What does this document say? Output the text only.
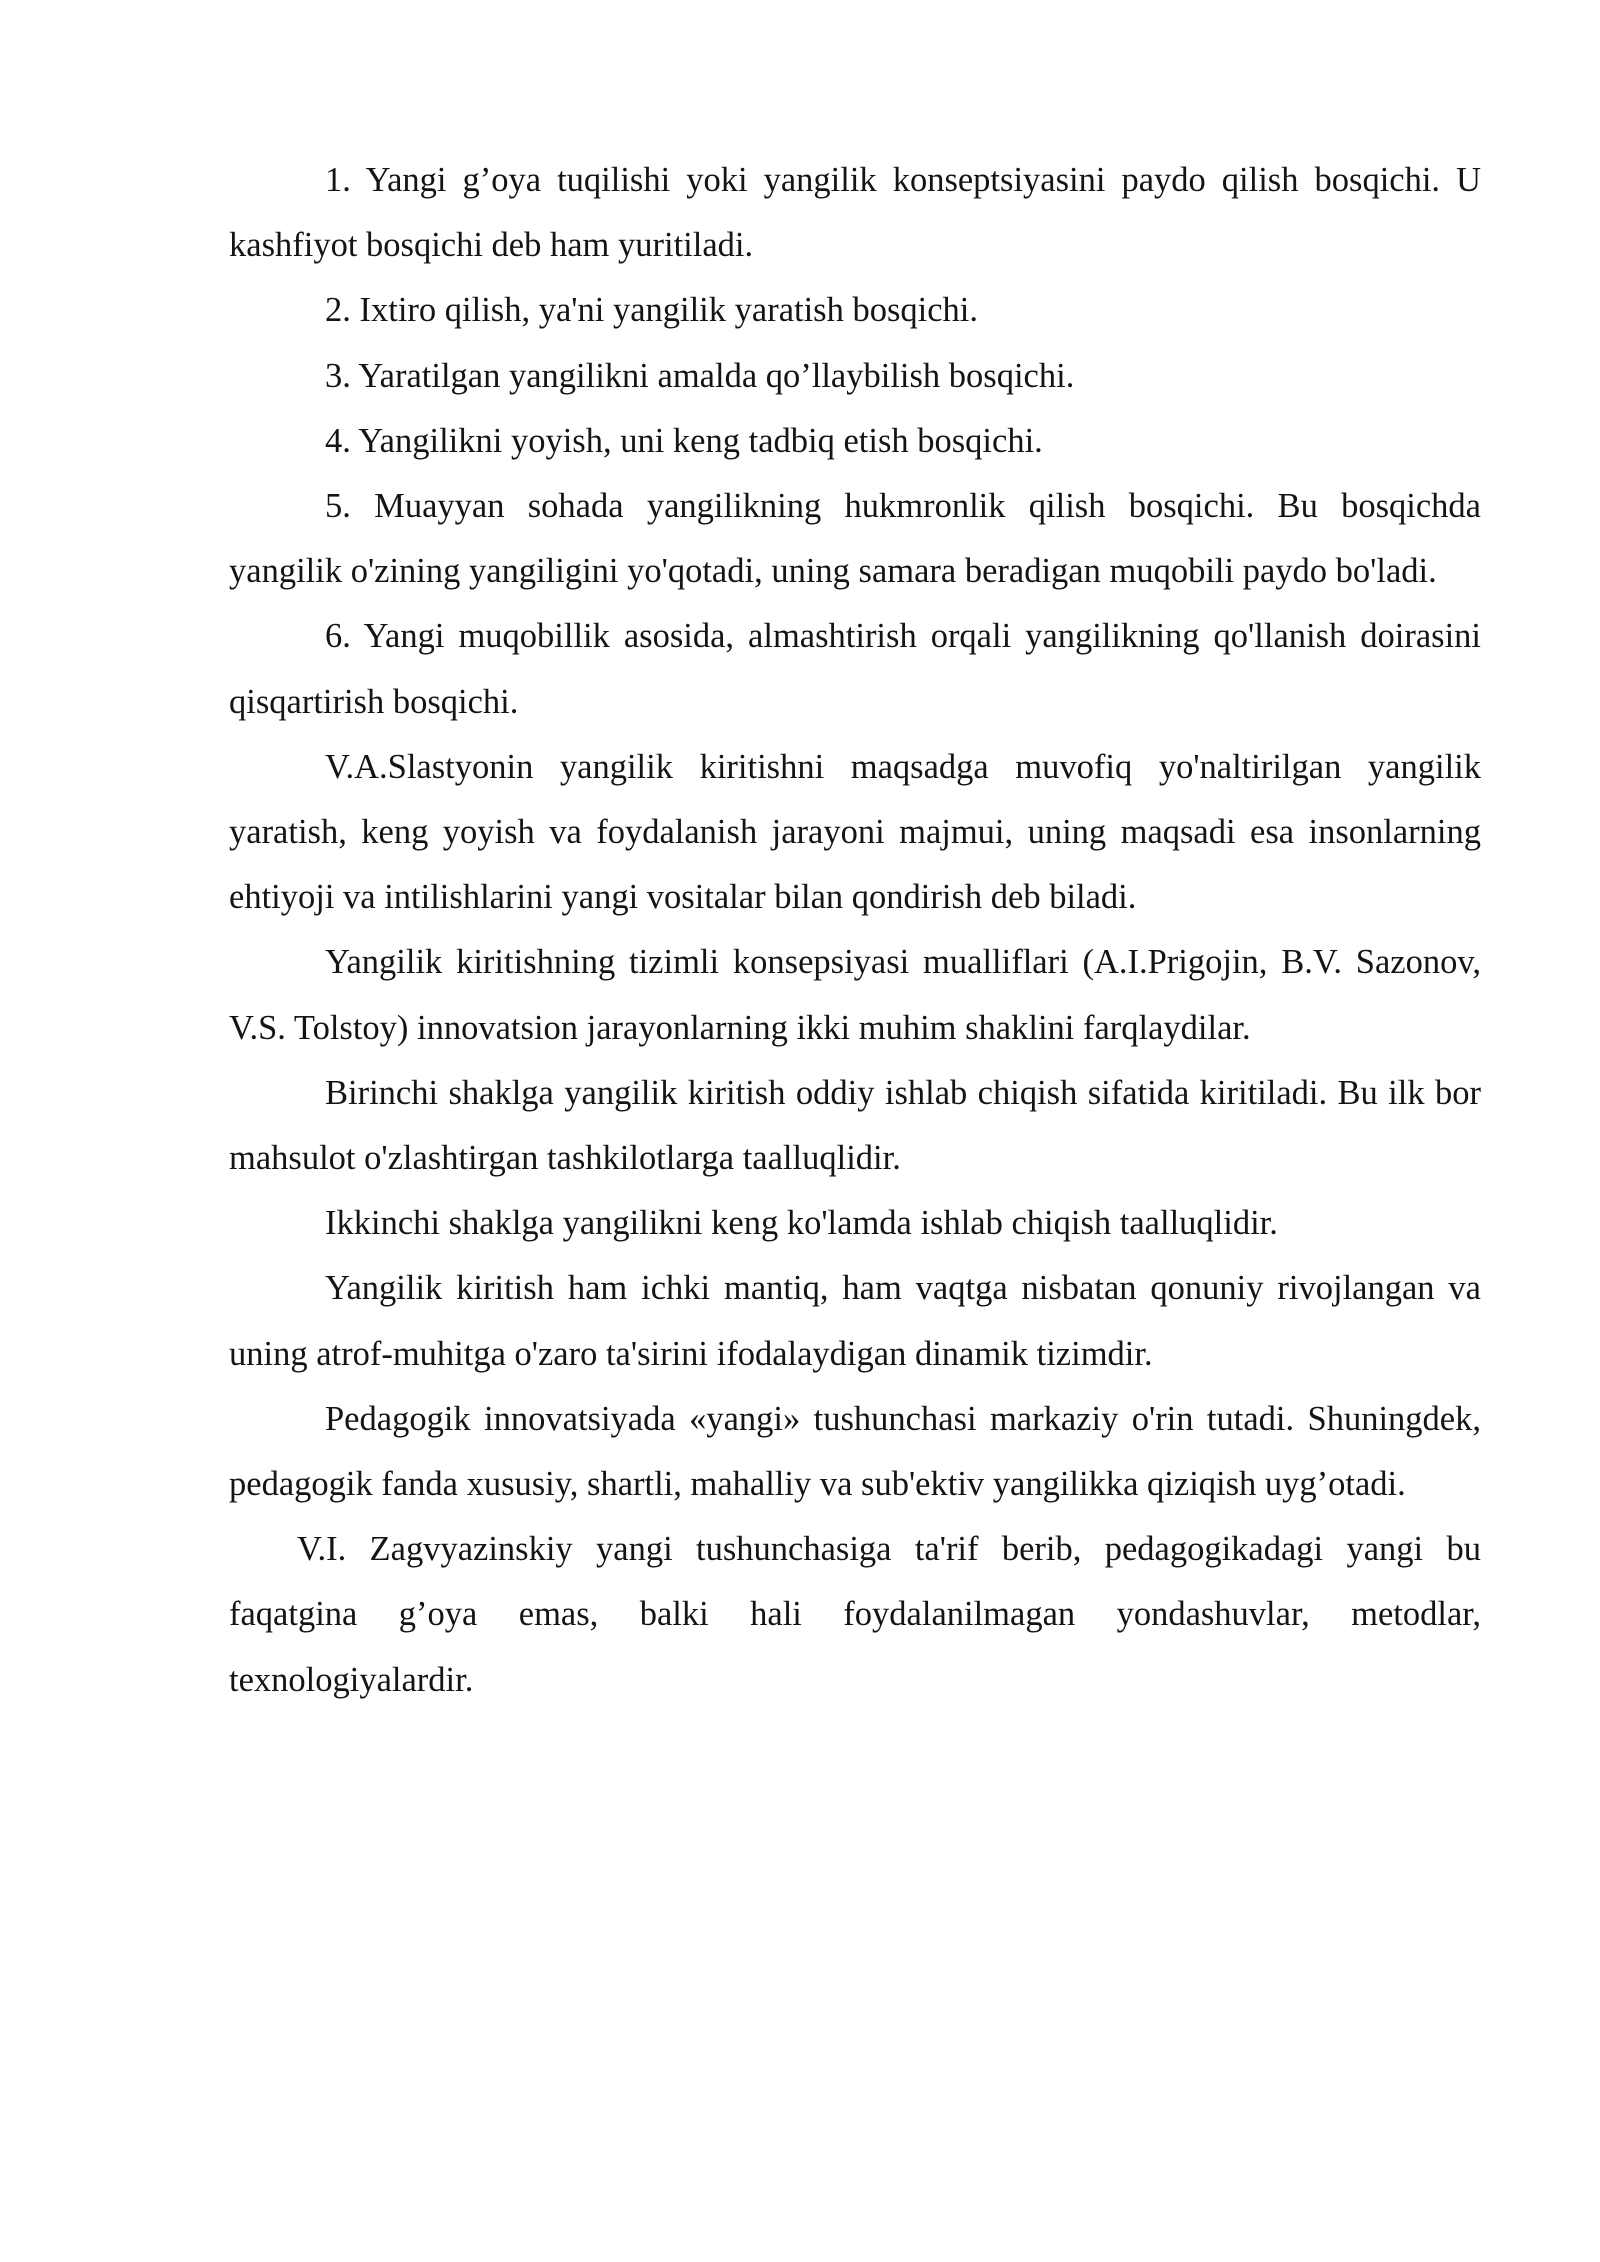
1. Yangi g’oya tuqilishi yoki yangilik konseptsiyasini paydo qilish bosqichi. U kashfiyot bosqichi deb ham yuritiladi.

2. Ixtiro qilish, ya'ni yangilik yaratish bosqichi.

3. Yaratilgan yangilikni amalda qo’llaybilish bosqichi.

4. Yangilikni yoyish, uni keng tadbiq etish bosqichi.

5. Muayyan sohada yangilikning hukmronlik qilish bosqichi. Bu bosqichda yangilik o'zining yangiligini yo'qotadi, uning samara beradigan muqobili paydo bo'ladi.

6. Yangi muqobillik asosida, almashtirish orqali yangilikning qo'llanish doirasini qisqartirish bosqichi.

V.A.Slastyonin yangilik kiritishni maqsadga muvofiq yo'naltirilgan yangilik yaratish, keng yoyish va foydalanish jarayoni majmui, uning maqsadi esa insonlarning ehtiyoji va intilishlarini yangi vositalar bilan qondirish deb biladi.

Yangilik kiritishning tizimli konsepsiyasi mualliflari (A.I.Prigojin, B.V. Sazonov, V.S. Tolstoy) innovatsion jarayonlarning ikki muhim shaklini farqlaydilar.

Birinchi shaklga yangilik kiritish oddiy ishlab chiqish sifatida kiritiladi. Bu ilk bor mahsulot o'zlashtirgan tashkilotlarga taalluqlidir.

Ikkinchi shaklga yangilikni keng ko'lamda ishlab chiqish taalluqlidir.

Yangilik kiritish ham ichki mantiq, ham vaqtga nisbatan qonuniy rivojlangan va uning atrof-muhitga o'zaro ta'sirini ifodalaydigan dinamik tizimdir.

Pedagogik innovatsiyada «yangi» tushunchasi markaziy o'rin tutadi. Shuningdek, pedagogik fanda xususiy, shartli, mahalliy va sub'ektiv yangilikka qiziqish uyg’otadi.

V.I. Zagvyazinskiy yangi tushunchasiga ta'rif berib, pedagogikadagi yangi bu faqatgina g’oya emas, balki hali foydalanilmagan yondashuvlar, metodlar, texnologiyalardir.
